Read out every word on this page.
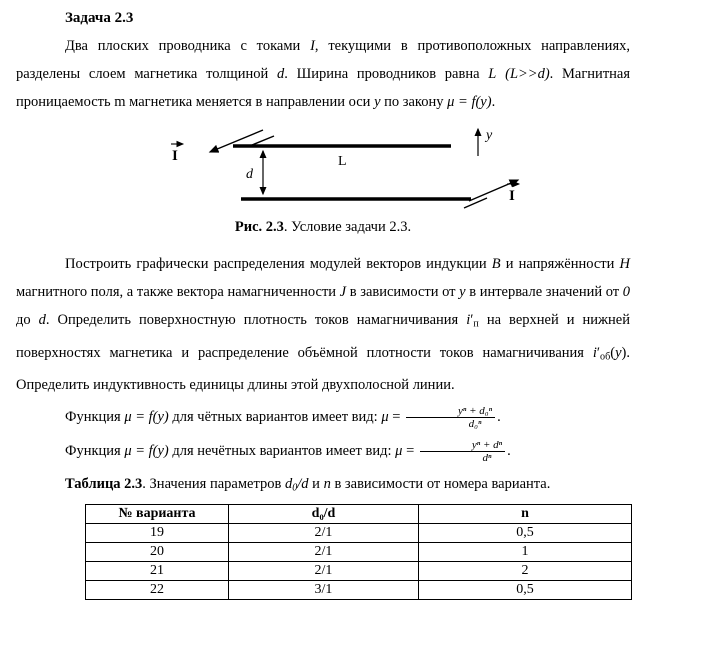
Задача 2.3

Два плоских проводника с токами I, текущими в противоположных направлениях, разделены слоем магнетика толщиной d. Ширина проводников равна L (L>>d). Магнитная проницаемость m магнетика меняется в направлении оси y по закону μ = f(y).

I
d
L
y
I

Рис. 2.3. Условие задачи 2.3.

Построить графически распределения модулей векторов индукции B и напряжённости H магнитного поля, а также вектора намагниченности J в зависимости от y в интервале значений от 0 до d. Определить поверхностную плотность токов намагничивания i′п на верхней и нижней поверхностях магнетика и распределение объёмной плотности токов намагничивания i′об(y). Определить индуктивность единицы длины этой двухполосной линии.

Функция μ = f(y) для чётных вариантов имеет вид: $\mu = \frac{\text{yⁿ + d₀ⁿ}}{\text{d₀ⁿ}}$ .

Функция μ = f(y) для нечётных вариантов имеет вид: $\mu = \frac{\text{yⁿ + dⁿ}}{\text{dⁿ}}$ .

Таблица 2.3. Значения параметров d0/d и n в зависимости от номера варианта.

№ варианта	d₀/d	n
19	2/1	0,5
20	2/1	1
21	2/1	2
22	3/1	0,5
